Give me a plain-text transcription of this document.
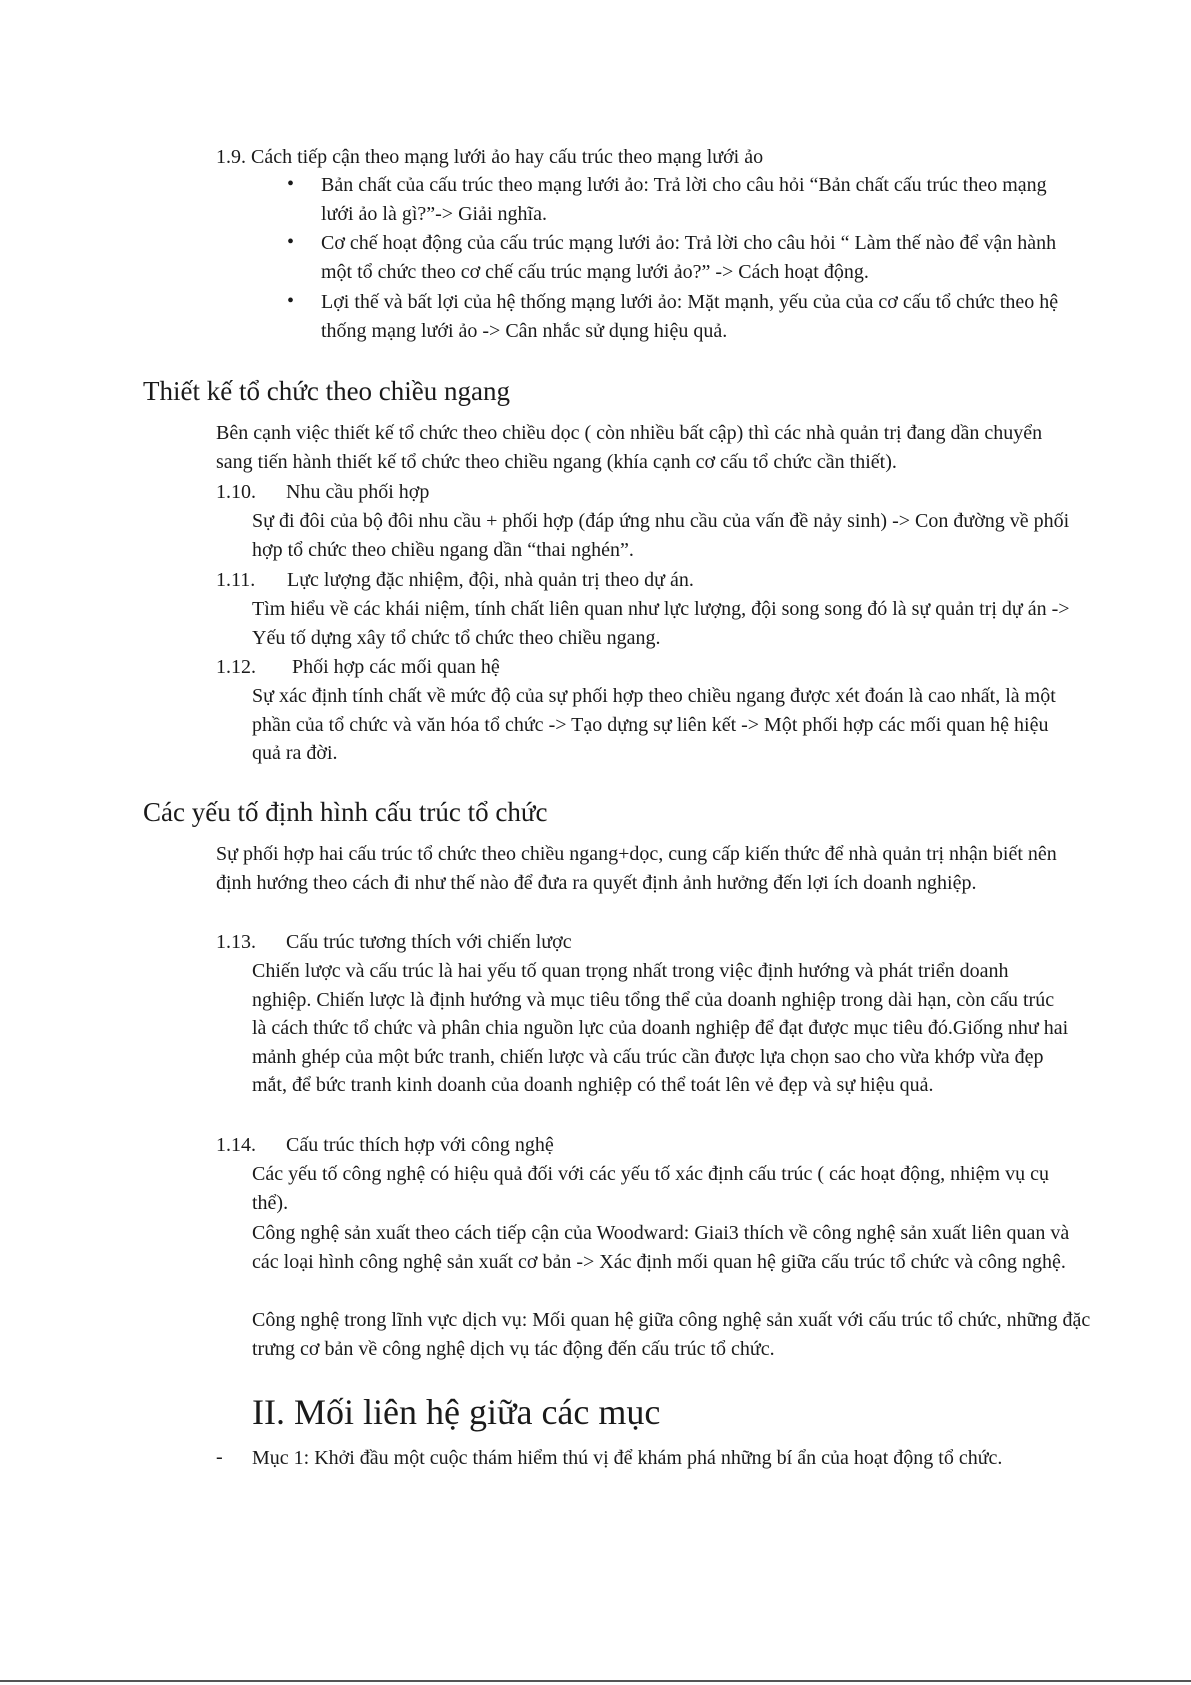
1.9. Cách tiếp cận theo mạng lưới ảo hay cấu trúc theo mạng lưới ảo

• Bản chất của cấu trúc theo mạng lưới ảo: Trả lời cho câu hỏi “Bản chất cấu trúc theo mạng lưới ảo là gì?”-> Giải nghĩa.

• Cơ chế hoạt động của cấu trúc mạng lưới ảo: Trả lời cho câu hỏi “ Làm thế nào để vận hành một tổ chức theo cơ chế cấu trúc mạng lưới ảo?” -> Cách hoạt động.

• Lợi thế và bất lợi của hệ thống mạng lưới ảo: Mặt mạnh, yếu của của cơ cấu tổ chức theo hệ thống mạng lưới ảo -> Cân nhắc sử dụng hiệu quả.

Thiết kế tổ chức theo chiều ngang

Bên cạnh việc thiết kế tổ chức theo chiều dọc ( còn nhiều bất cập) thì các nhà quản trị đang dần chuyển sang tiến hành thiết kế tổ chức theo chiều ngang (khía cạnh cơ cấu tổ chức cần thiết).

1.10. Nhu cầu phối hợp

Sự đi đôi của bộ đôi nhu cầu + phối hợp (đáp ứng nhu cầu của vấn đề nảy sinh) -> Con đường về phối hợp tổ chức theo chiều ngang dần “thai nghén”.

1.11. Lực lượng đặc nhiệm, đội, nhà quản trị theo dự án.

Tìm hiểu về các khái niệm, tính chất liên quan như lực lượng, đội song song đó là sự quản trị dự án -> Yếu tố dựng xây tổ chức tổ chức theo chiều ngang.

1.12. Phối hợp các mối quan hệ

Sự xác định tính chất về mức độ của sự phối hợp theo chiều ngang được xét đoán là cao nhất, là một phần của tổ chức và văn hóa tổ chức -> Tạo dựng sự liên kết -> Một phối hợp các mối quan hệ hiệu quả ra đời.

Các yếu tố định hình cấu trúc tổ chức

Sự phối hợp hai cấu trúc tổ chức theo chiều ngang+dọc, cung cấp kiến thức để nhà quản trị nhận biết nên định hướng theo cách đi như thế nào để đưa ra quyết định ảnh hưởng đến lợi ích doanh nghiệp.

1.13. Cấu trúc tương thích với chiến lược

Chiến lược và cấu trúc là hai yếu tố quan trọng nhất trong việc định hướng và phát triển doanh nghiệp. Chiến lược là định hướng và mục tiêu tổng thể của doanh nghiệp trong dài hạn, còn cấu trúc là cách thức tổ chức và phân chia nguồn lực của doanh nghiệp để đạt được mục tiêu đó.Giống như hai mảnh ghép của một bức tranh, chiến lược và cấu trúc cần được lựa chọn sao cho vừa khớp vừa đẹp mắt, để bức tranh kinh doanh của doanh nghiệp có thể toát lên vẻ đẹp và sự hiệu quả.

1.14. Cấu trúc thích hợp với công nghệ

Các yếu tố công nghệ có hiệu quả đối với các yếu tố xác định cấu trúc ( các hoạt động, nhiệm vụ cụ thể).

Công nghệ sản xuất theo cách tiếp cận của Woodward: Giai3 thích về công nghệ sản xuất liên quan và các loại hình công nghệ sản xuất cơ bản -> Xác định mối quan hệ giữa cấu trúc tổ chức và công nghệ.

Công nghệ trong lĩnh vực dịch vụ: Mối quan hệ giữa công nghệ sản xuất với cấu trúc tổ chức, những đặc trưng cơ bản về công nghệ dịch vụ tác động đến cấu trúc tổ chức.

II. Mối liên hệ giữa các mục
- Mục 1: Khởi đầu một cuộc thám hiểm thú vị để khám phá những bí ẩn của hoạt động tổ chức.
